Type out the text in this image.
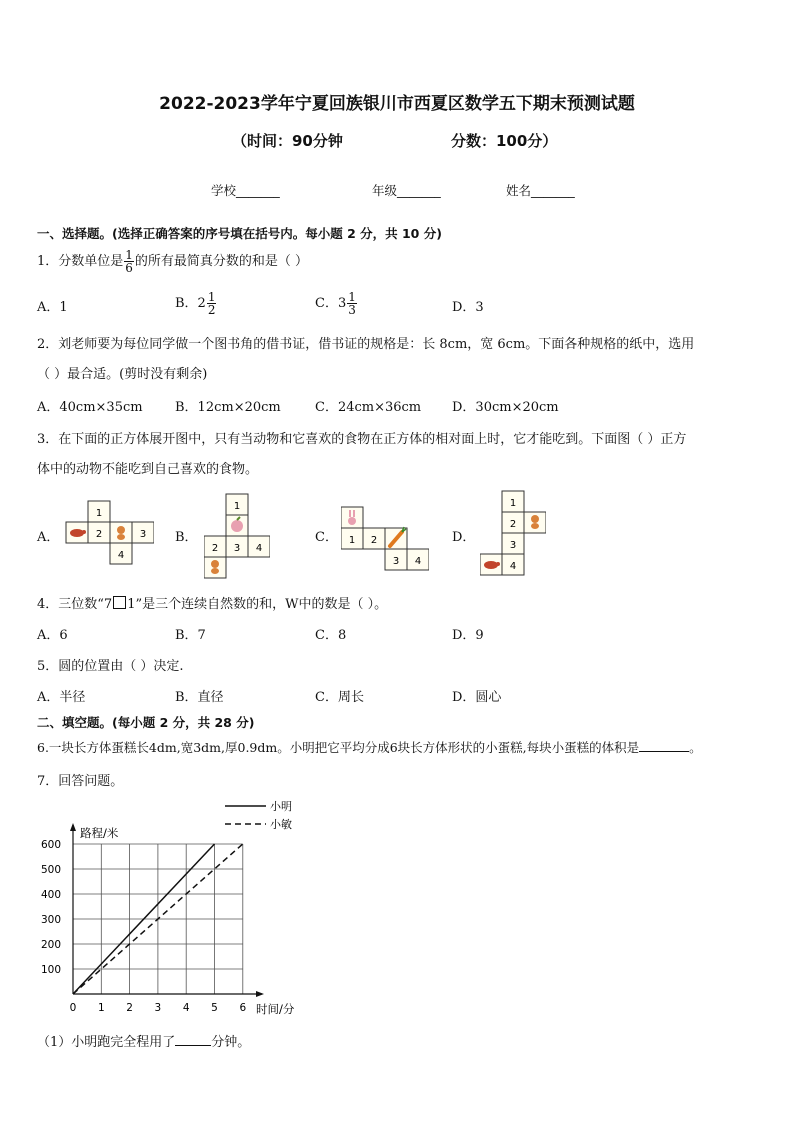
2022-2023学年宁夏回族银川市西夏区数学五下期末预测试题
（时间：90分钟	分数：100分）
学校_______	年级_______	姓名_______
一、选择题。(选择正确答案的序号填在括号内。每小题 2 分，共 10 分)
1．分数单位是 $\frac{1}{6}$ 的所有最简真分数的和是（ ）
A．1	B．$2 \frac{1}{2}$	C．$3 \frac{1}{3}$	D．3
2．刘老师要为每位同学做一个图书角的借书证，借书证的规格是：长 8cm，宽 6cm。下面各种规格的纸中，选用
（ ）最合适。(剪时没有剩余)
A．40cm×35cm B．12cm×20cm	C．24cm×36cm D．30cm×20cm
3．在下面的正方体展开图中，只有当动物和它喜欢的食物在正方体的相对面上时，它才能吃到。下面图（ ）正方
体中的动物不能吃到自己喜欢的食物。
A．	B．	C．	D．
1
2	3
4
1
2 3 4
1 2
3 4
1
2
3
4
4．三位数“7 1”是三个连续自然数的和，W中的数是（ ）。
A．6	B．7	C．8	D．9
5．圆的位置由（ ）决定.
A．半径	B．直径	C．周长	D．圆心
二、填空题。(每小题 2 分，共 28 分)
6.一块长方体蛋糕长4dm,宽3dm,厚0.9dm。小明把它平均分成6块长方体形状的小蛋糕,每块小蛋糕的体积是	。
7．回答问题。
0 1 2 3 4 5 6
100
200
300
400
500
600
路程/米
时间/分
小明
小敏
（1）小明跑完全程用了	分钟。
